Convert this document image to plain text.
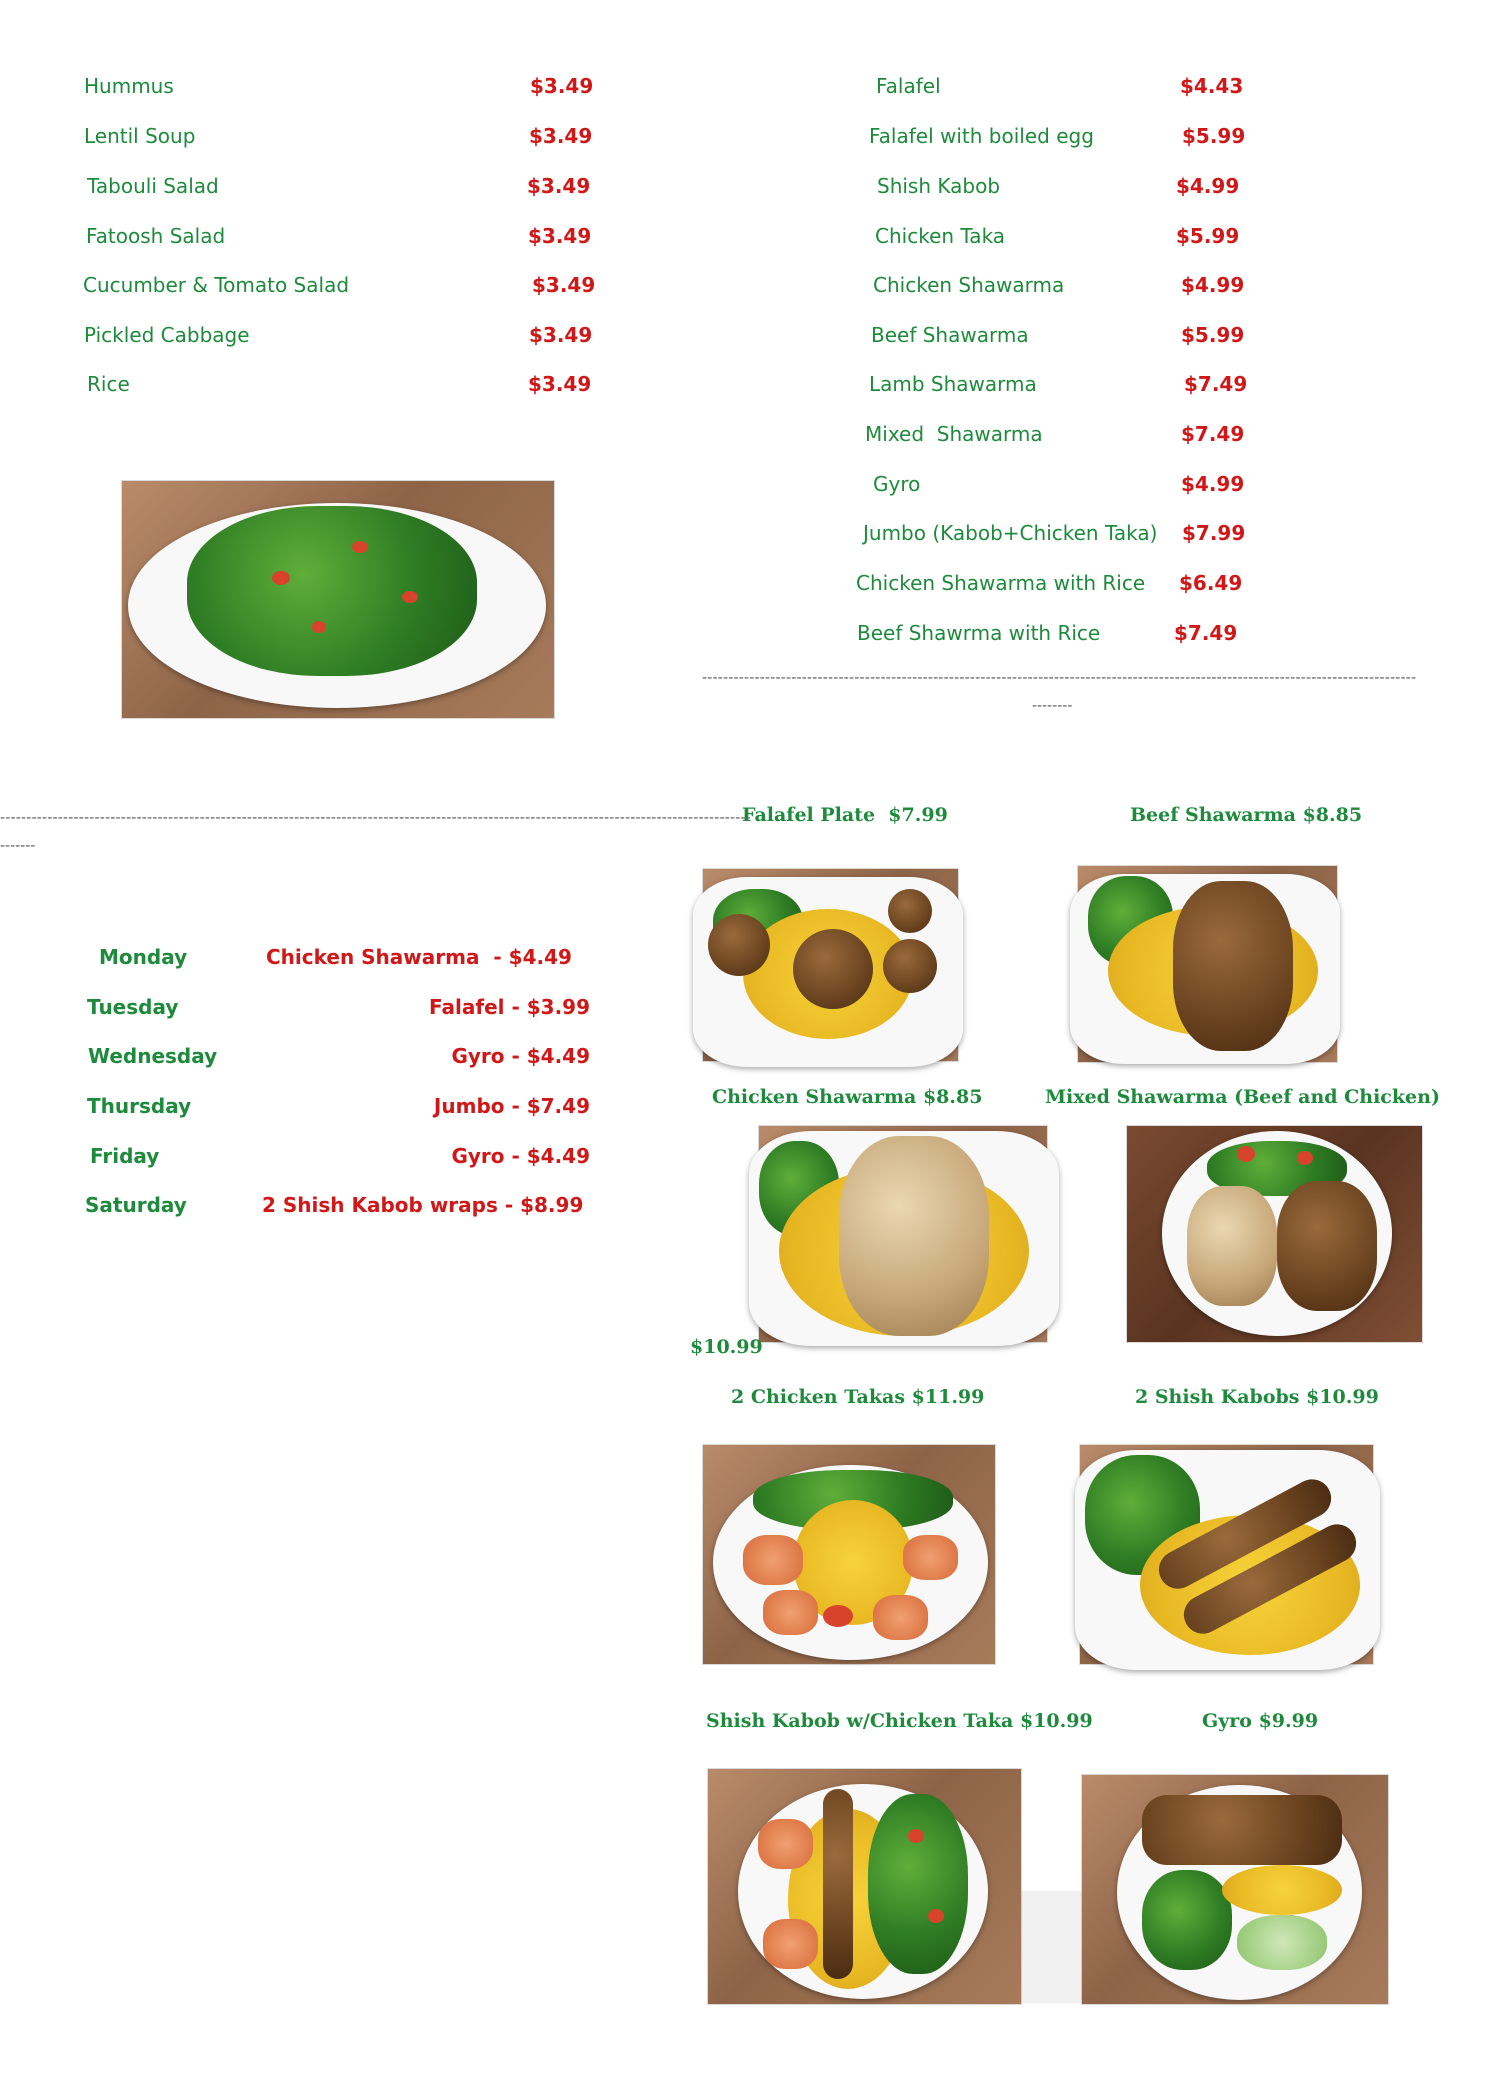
Hummus	$3.49
Lentil Soup	$3.49
Tabouli Salad	$3.49
Fatoosh Salad	$3.49
Cucumber & Tomato Salad	$3.49
Pickled Cabbage	$3.49
Rice	$3.49
Falafel	$4.43
Falafel with boiled egg	$5.99
Shish Kabob	$4.99
Chicken Taka	$5.99
Chicken Shawarma	$4.99
Beef Shawarma	$5.99
Lamb Shawarma	$7.49
Mixed  Shawarma	$7.49
Gyro	$4.99
Jumbo (Kabob+Chicken Taka) $7.99
Chicken Shawarma with Rice $6.49
Beef Shawrma with Rice	$7.49
----------------------------------------------------------------------------------------------------------------------------------------
--------
-----------------------------------------------------------------------------------------------------------------------------------------------
-------
Monday	Chicken Shawarma  - $4.49
Tuesday	Falafel - $3.99
Wednesday	Gyro - $4.49
Thursday	Jumbo - $7.49
Friday	Gyro - $4.49
Saturday	2 Shish Kabob wraps - $8.99
Falafel Plate  $7.99	Beef Shawarma $8.85
Chicken Shawarma $8.85	Mixed Shawarma (Beef and Chicken)
$10.99
2 Chicken Takas $11.99	2 Shish Kabobs $10.99
Shish Kabob w/Chicken Taka $10.99	Gyro $9.99
